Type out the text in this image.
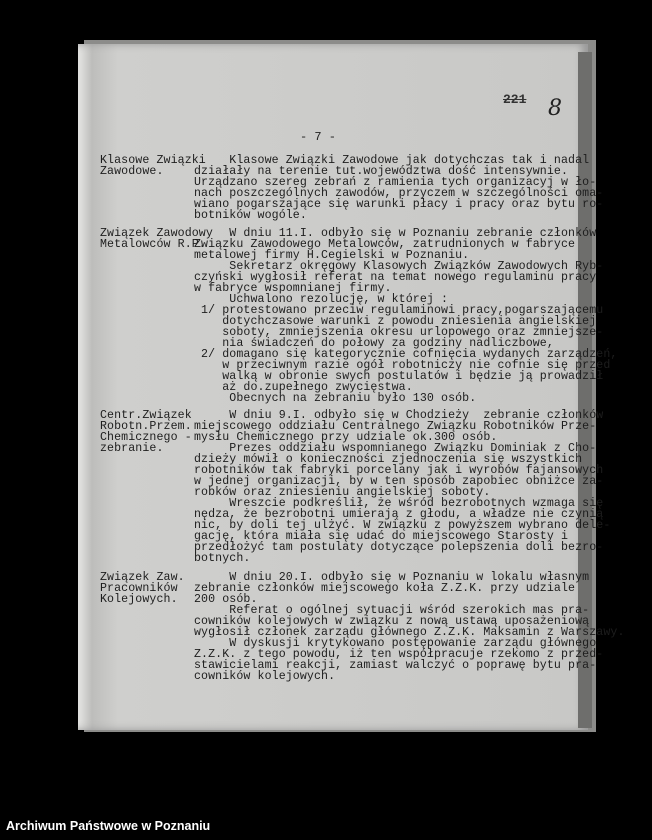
- 7 -
221 8
Klasowe Związki
Zawodowe.
Klasowe Związki Zawodowe jak dotychczas tak i nadal
działały na terenie tut.województwa dość intensywnie.
Urządzano szereg zebrań z ramienia tych organizacyj w ło-
nach poszczególnych zawodów, przyczem w szczególności oma-
wiano pogarszające się warunki płacy i pracy oraz bytu ro-
botników wogóle.
Związek Zawodowy
Metalowców R.P.
W dniu 11.I. odbyło się w Poznaniu zebranie członków
Związku Zawodowego Metalowców, zatrudnionych w fabryce
metalowej firmy H.Cegielski w Poznaniu.
Sekretarz okręgowy Klasowych Związków Zawodowych Ryb-
czyński wygłosił referat na temat nowego regulaminu pracy
w fabryce wspomnianej firmy.
Uchwalono rezolucję, w której :
1/ protestowano przeciw regulaminowi pracy,pogarszającemu
dotychczasowe warunki z powodu zniesienia angielskiej
soboty, zmniejszenia okresu urlopowego oraz zmniejsze-
nia świadczeń do połowy za godziny nadliczbowe,
2/ domagano się kategorycznie cofnięcia wydanych zarządzeń,
w przeciwnym razie ogół robotniczy nie cofnie się przed
walką w obronie swych postulatów i będzie ją prowadził
aż do.zupełnego zwycięstwa.
Obecnych na zebraniu było 130 osób.
Centr.Związek
Robotn.Przem.
Chemicznego -
zebranie.
W dniu 9.I. odbyło się w Chodzieży  zebranie członków
miejscowego oddziału Centralnego Związku Robotników Prze-
mysłu Chemicznego przy udziale ok.300 osób.
Prezes oddziału wspomnianego Związku Dominiak z Cho-
dzieży mówił o konieczności zjednoczenia się wszystkich
robotników tak fabryki porcelany jak i wyrobów fajansowych
w jednej organizacji, by w ten sposób zapobiec obniżce za-
robków oraz zniesieniu angielskiej soboty.
Wreszcie podkreślił, że wśród bezrobotnych wzmaga się
nędza, że bezrobotni umierają z głodu, a władze nie czynią
nic, by doli tej ulżyć. W związku z powyższem wybrano dele-
gację, która miała się udać do miejscowego Starosty i
przedłożyć tam postulaty dotyczące polepszenia doli bezro-
botnych.
Związek Zaw.
Pracowników
Kolejowych.
W dniu 20.I. odbyło się w Poznaniu w lokalu własnym
zebranie członków miejscowego koła Z.Z.K. przy udziale
200 osób.
Referat o ogólnej sytuacji wśród szerokich mas pra-
cowników kolejowych w związku z nową ustawą uposażeniową
wygłosił członek zarządu głównego Z.Z.K. Maksamin z Warszawy.
W dyskusji krytykowano postępowanie zarządu głównego
Z.Z.K. z tego powodu, iż ten współpracuje rzekomo z przed-
stawicielami reakcji, zamiast walczyć o poprawę bytu pra-
cowników kolejowych.
Archiwum Państwowe w Poznaniu
